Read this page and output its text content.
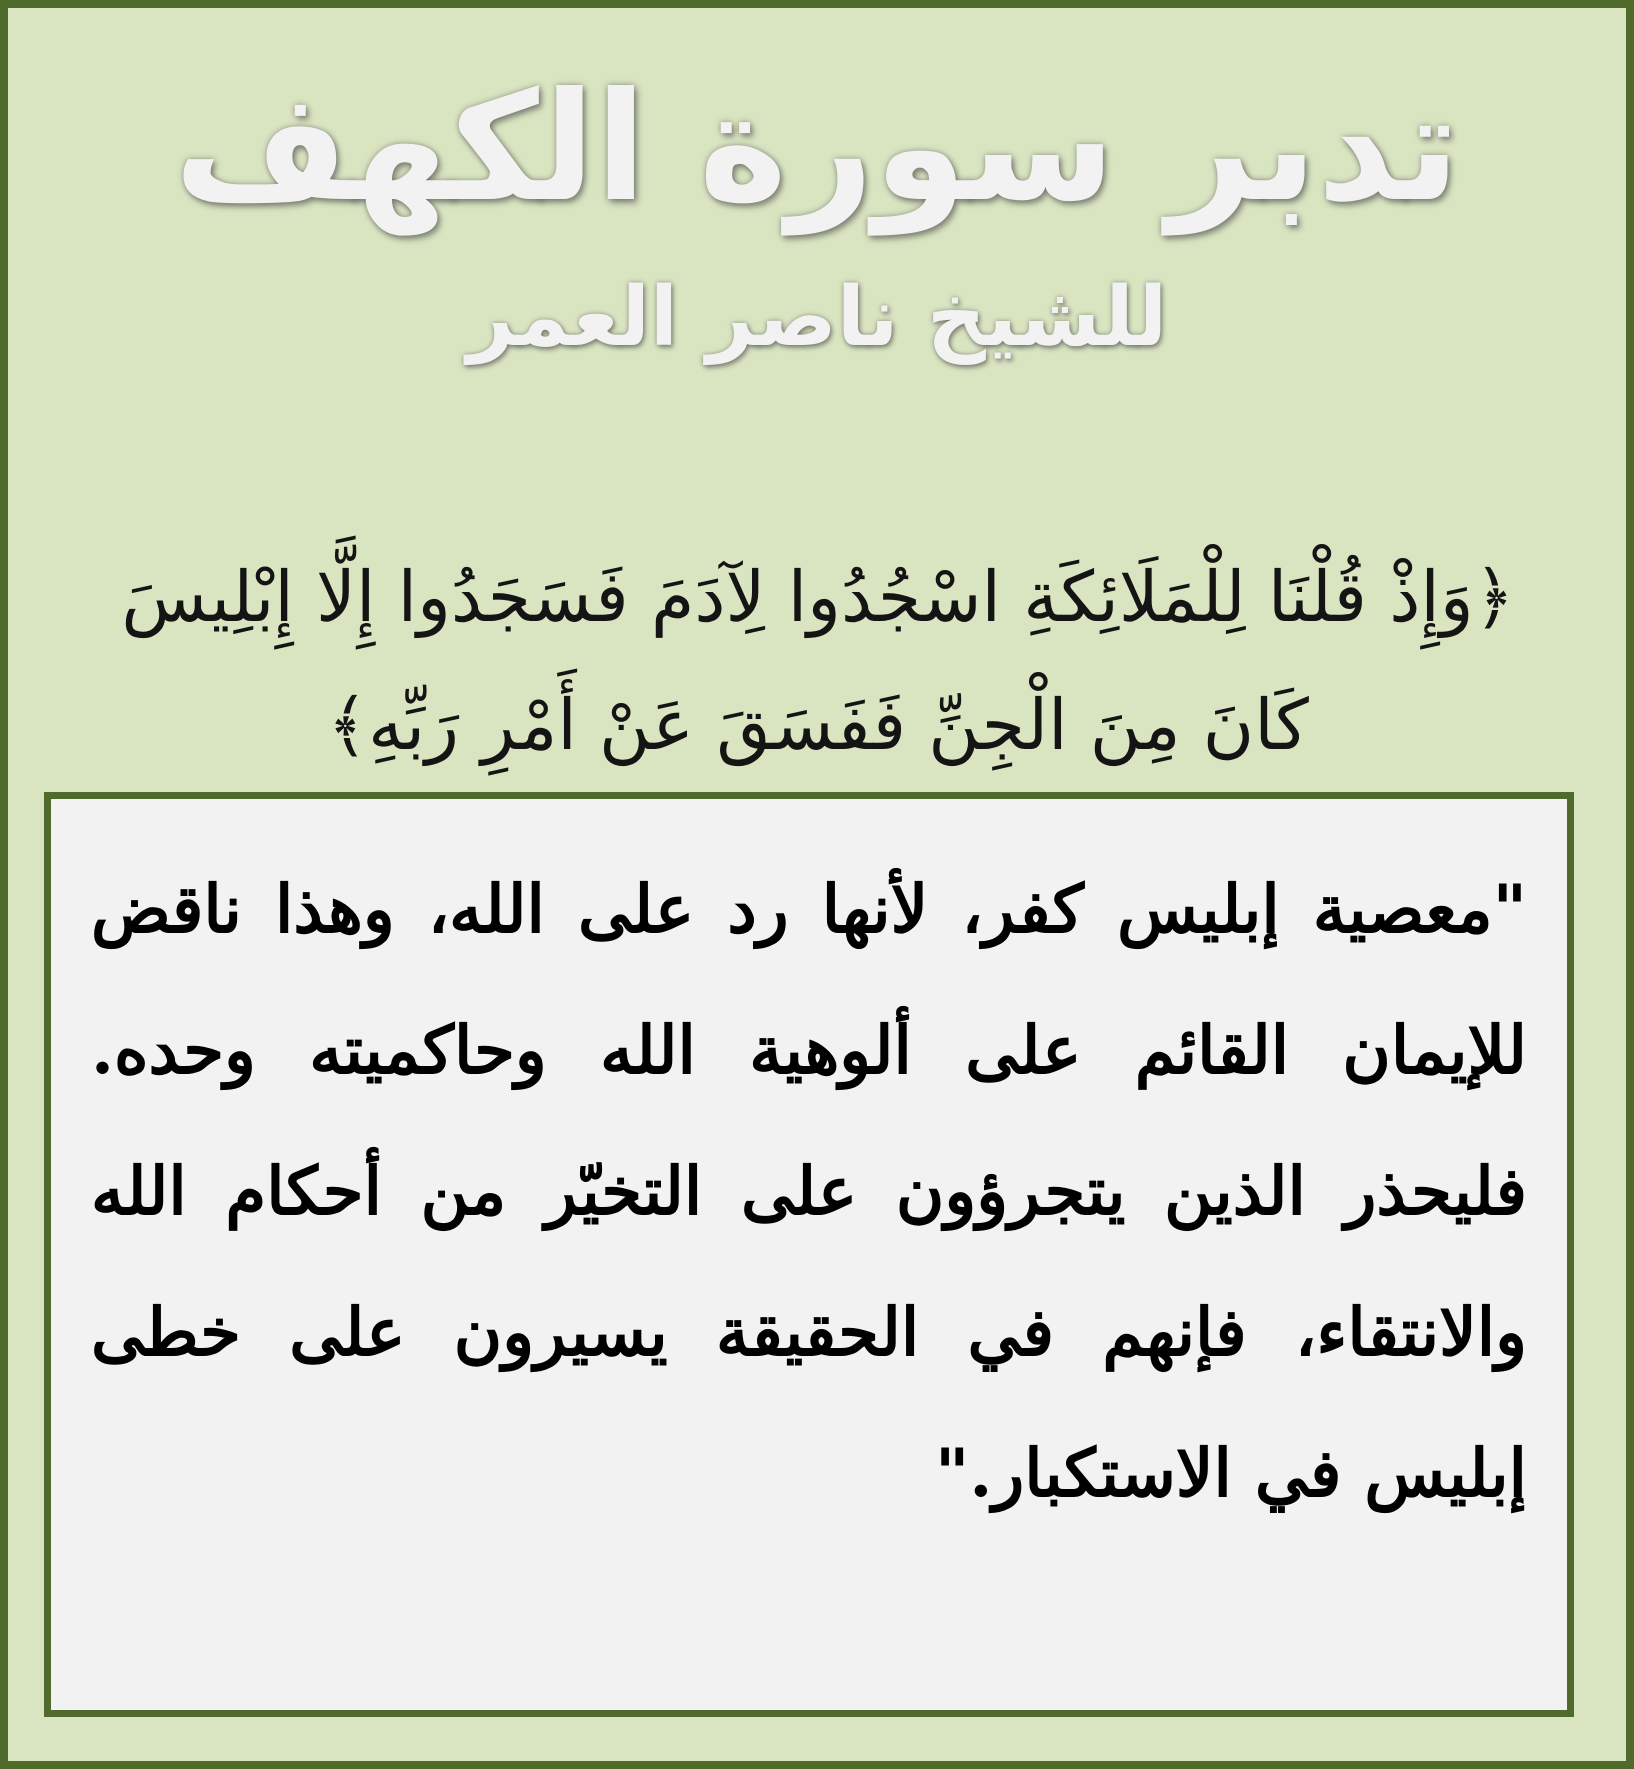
تدبر سورة الكهف
للشيخ ناصر العمر
﴿وَإِذْ قُلْنَا لِلْمَلَائِكَةِ اسْجُدُوا لِآدَمَ فَسَجَدُوا إِلَّا إِبْلِيسَ كَانَ مِنَ الْجِنِّ فَفَسَقَ عَنْ أَمْرِ رَبِّهِ﴾
"معصية إبليس كفر، لأنها رد على الله، وهذا ناقض للإيمان القائم على ألوهية الله وحاكميته وحده. فليحذر الذين يتجرؤون على التخيّر من أحكام الله والانتقاء، فإنهم في الحقيقة يسيرون على خطى إبليس في الاستكبار."
